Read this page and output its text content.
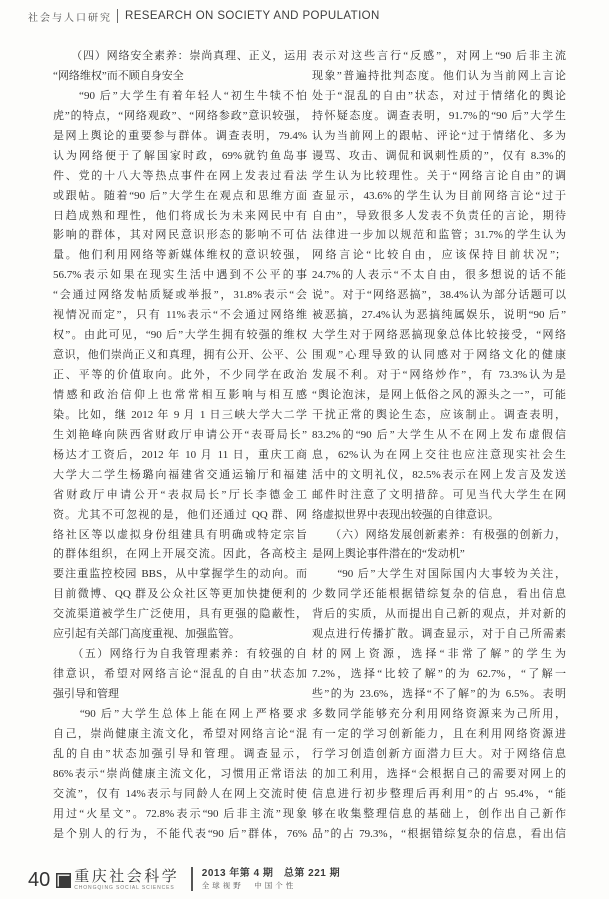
社会与人口研究 RESEARCH ON SOCIETY AND POPULATION
　　（四）网络安全素养：崇尚真理、正义，运用
“网络维权”而不顾自身安全
　　“90 后”大学生有着年轻人“初生牛犊不怕
虎”的特点，“网络观政”、“网络参政”意识较强，
是网上舆论的重要参与群体。调查表明，79.4%
认为网络便于了解国家时政，69%就钓鱼岛事
件、党的十八大等热点事件在网上发表过看法
或跟帖。随着“90 后”大学生在观点和思维方面
日趋成熟和理性，他们将成长为未来网民中有
影响的群体，其对网民意识形态的影响不可估
量。他们利用网络等新媒体维权的意识较强，
56.7%表示如果在现实生活中遇到不公平的事
“会通过网络发帖质疑或举报”，31.8%表示“会
视情况而定”，只有 11%表示“不会通过网络维
权”。由此可见，“90 后”大学生拥有较强的维权
意识，他们崇尚正义和真理，拥有公开、公平、公
正、平等的价值取向。此外，不少同学在政治
情感和政治信仰上也常常相互影响与相互感
染。比如，继 2012 年 9 月 1 日三峡大学大二学
生刘艳峰向陕西省财政厅申请公开“表哥局长”
杨达才工资后，2012 年 10 月 11 日，重庆工商
大学大二学生杨璐向福建省交通运输厅和福建
省财政厅申请公开“表叔局长”厅长李德金工
资。尤其不可忽视的是，他们还通过 QQ 群、网
络社区等以虚拟身份组建具有明确或特定宗旨
的群体组织，在网上开展交流。因此，各高校主
要注重监控校园 BBS，从中掌握学生的动向。而
目前微博、QQ 群及公众社区等更加快捷便利的
交流渠道被学生广泛使用，具有更强的隐蔽性，
应引起有关部门高度重视、加强监管。
　　（五）网络行为自我管理素养：有较强的自
律意识，希望对网络言论“混乱的自由”状态加
强引导和管理
　　“90 后”大学生总体上能在网上严格要求
自己，崇尚健康主流文化，希望对网络言论“混
乱的自由”状态加强引导和管理。调查显示，
86%表示“崇尚健康主流文化，习惯用正常语法
交流”，仅有 14%表示与同龄人在网上交流时使
用过“火星文”。72.8%表示“90 后非主流”现象
是个别人的行为，不能代表“90 后”群体，76%
表示对这些言行“反感”，对网上“90 后非主流
现象”普遍持批判态度。他们认为当前网上言论
处于“混乱的自由”状态，对过于情绪化的舆论
持怀疑态度。调查表明，91.7%的“90 后”大学生
认为当前网上的跟帖、评论“过于情绪化、多为
谩骂、攻击、调侃和讽刺性质的”，仅有 8.3%的
学生认为比较理性。关于“网络言论自由”的调
查显示，43.6%的学生认为目前网络言论“过于
自由”，导致很多人发表不负责任的言论，期待
法律进一步加以规范和监管；31.7%的学生认为
网络言论“比较自由，应该保持目前状况”；
24.7%的人表示“不太自由，很多想说的话不能
说”。对于“网络恶搞”，38.4%认为部分话题可以
被恶搞，27.4%认为恶搞纯属娱乐，说明“90 后”
大学生对于网络恶搞现象总体比较接受，“网络
围观”心理导致的认同感对于网络文化的健康
发展不利。对于“网络炒作”，有 73.3%认为是
“舆论泡沫，是网上低俗之风的源头之一”，可能
干扰正常的舆论生态，应该制止。调查表明，
83.2%的“90 后”大学生从不在网上发布虚假信
息，62%认为在网上交往也应注意现实社会生
活中的文明礼仪，82.5%表示在网上发言及发送
邮件时注意了文明措辞。可见当代大学生在网
络虚拟世界中表现出较强的自律意识。
　　（六）网络发展创新素养：有极强的创新力，
是网上舆论事件潜在的“发动机”
　　“90 后”大学生对国际国内大事较为关注，
少数同学还能根据错综复杂的信息，看出信息
背后的实质，从而提出自己新的观点，并对新的
观点进行传播扩散。调查显示，对于自己所需素
材的网上资源，选择“非常了解”的学生为
7.2%，选择“比较了解”的为 62.7%，“了解一
些”的为 23.6%，选择“不了解”的为 6.5%。表明
多数同学能够充分利用网络资源来为己所用，
有一定的学习创新能力，且在利用网络资源进
行学习创造创新方面潜力巨大。对于网络信息
的加工利用，选择“会根据自己的需要对网上的
信息进行初步整理后再利用”的占 95.4%，“能
够在收集整理信息的基础上，创作出自己新作
品”的占 79.3%，“根据错综复杂的信息，看出信
40 重庆社会科学
CHONGQING SOCIAL SCIENCES
2013 年第 4 期　总第 221 期
全球视野　中国个性
